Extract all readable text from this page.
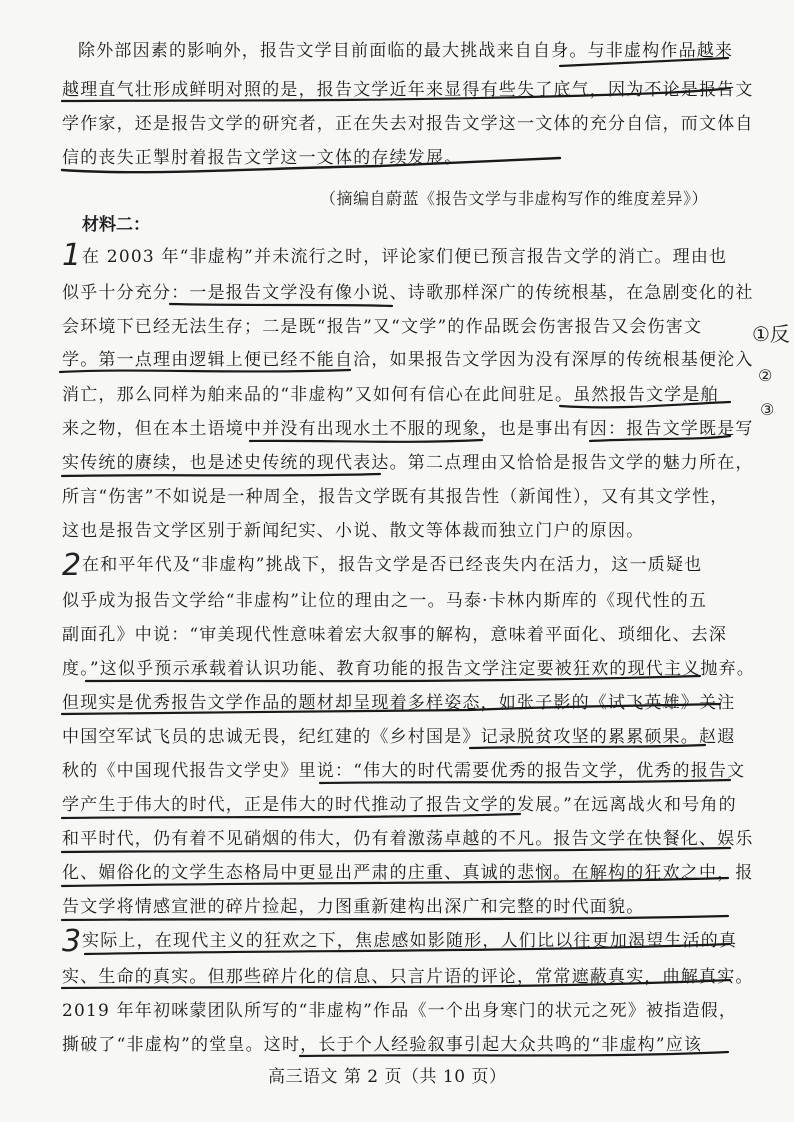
除外部因素的影响外，报告文学目前面临的最大挑战来自自身。与非虚构作品越来
越理直气壮形成鲜明对照的是，报告文学近年来显得有些失了底气，因为不论是报告文
学作家，还是报告文学的研究者，正在失去对报告文学这一文体的充分自信，而文体自
信的丧失正掣肘着报告文学这一文体的存续发展。
（摘编自蔚蓝《报告文学与非虚构写作的维度差异》）
材料二：
在 2003 年“非虚构”并未流行之时，评论家们便已预言报告文学的消亡。理由也
似乎十分充分：一是报告文学没有像小说、诗歌那样深广的传统根基，在急剧变化的社
会环境下已经无法生存；二是既“报告”又“文学”的作品既会伤害报告又会伤害文
学。第一点理由逻辑上便已经不能自洽，如果报告文学因为没有深厚的传统根基便沦入
消亡，那么同样为舶来品的“非虚构”又如何有信心在此间驻足。虽然报告文学是舶
来之物，但在本土语境中并没有出现水土不服的现象，也是事出有因：报告文学既是写
实传统的赓续，也是述史传统的现代表达。第二点理由又恰恰是报告文学的魅力所在，
所言“伤害”不如说是一种周全，报告文学既有其报告性（新闻性），又有其文学性，
这也是报告文学区别于新闻纪实、小说、散文等体裁而独立门户的原因。
在和平年代及“非虚构”挑战下，报告文学是否已经丧失内在活力，这一质疑也
似乎成为报告文学给“非虚构”让位的理由之一。马泰·卡林内斯库的《现代性的五
副面孔》中说：“审美现代性意味着宏大叙事的解构，意味着平面化、琐细化、去深
度。”这似乎预示承载着认识功能、教育功能的报告文学注定要被狂欢的现代主义抛弃。
但现实是优秀报告文学作品的题材却呈现着多样姿态，如张子影的《试飞英雄》关注
中国空军试飞员的忠诚无畏，纪红建的《乡村国是》记录脱贫攻坚的累累硕果。赵遐
秋的《中国现代报告文学史》里说：“伟大的时代需要优秀的报告文学，优秀的报告文
学产生于伟大的时代，正是伟大的时代推动了报告文学的发展。”在远离战火和号角的
和平时代，仍有着不见硝烟的伟大，仍有着激荡卓越的不凡。报告文学在快餐化、娱乐
化、媚俗化的文学生态格局中更显出严肃的庄重、真诚的悲悯。在解构的狂欢之中，报
告文学将情感宣泄的碎片捡起，力图重新建构出深广和完整的时代面貌。
实际上，在现代主义的狂欢之下，焦虑感如影随形，人们比以往更加渴望生活的真
实、生命的真实。但那些碎片化的信息、只言片语的评论，常常遮蔽真实，曲解真实。
2019 年年初咪蒙团队所写的“非虚构”作品《一个出身寒门的状元之死》被指造假，
撕破了“非虚构”的堂皇。这时，长于个人经验叙事引起大众共鸣的“非虚构”应该
高三语文 第 2 页（共 10 页）
1
2
3
①反
②
③
